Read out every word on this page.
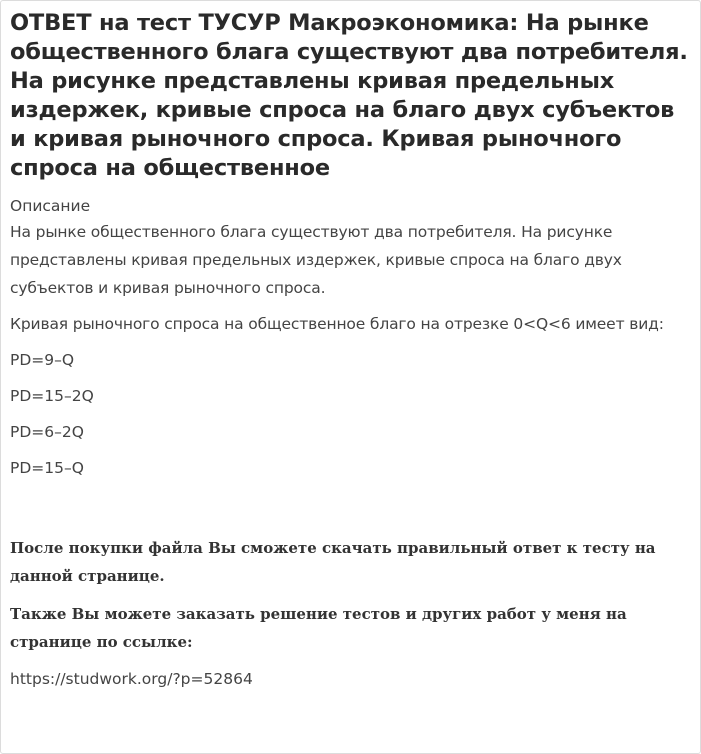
ОТВЕТ на тест ТУСУР Макроэкономика: На рынке общественного блага существуют два потребителя. На рисунке представлены кривая предельных издержек, кривые спроса на благо двух субъектов и кривая рыночного спроса. Кривая рыночного спроса на общественное
Описание

На рынке общественного блага существуют два потребителя. На рисунке представлены кривая предельных издержек, кривые спроса на благо двух субъектов и кривая рыночного спроса.

Кривая рыночного спроса на общественное благо на отрезке 0<Q<6 имеет вид:

PD=9–Q
PD=15–2Q
PD=6–2Q
PD=15–Q

После покупки файла Вы сможете скачать правильный ответ к тесту на данной странице.

Также Вы можете заказать решение тестов и других работ у меня на странице по ссылке:

https://studwork.org/?p=52864
